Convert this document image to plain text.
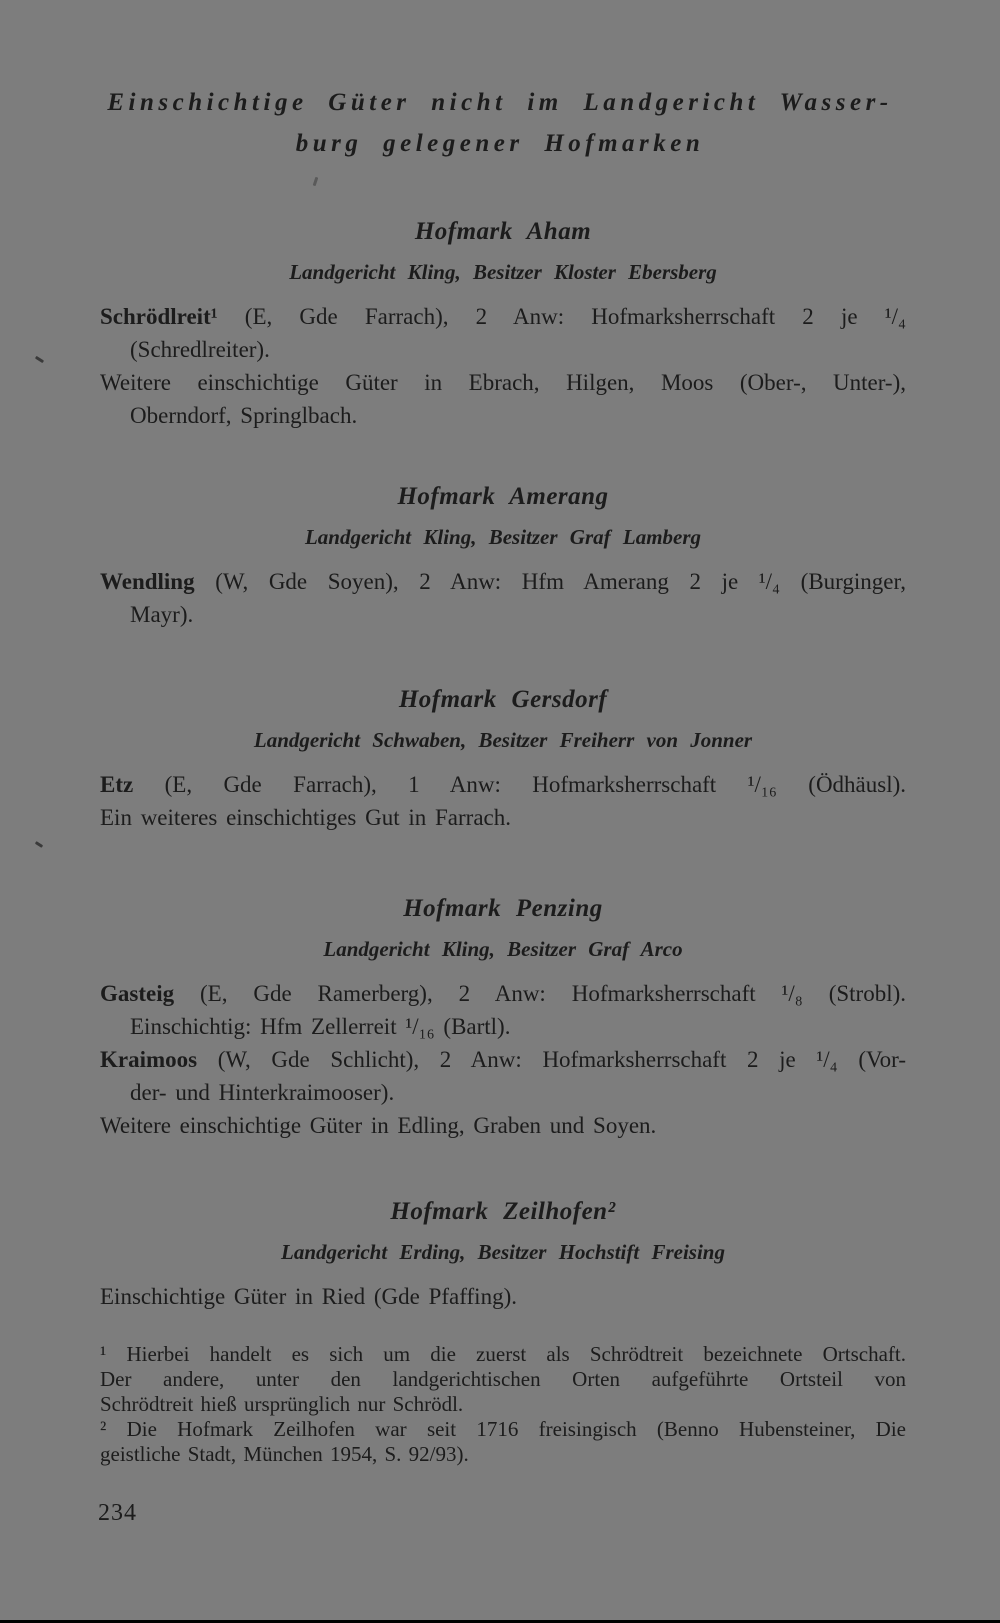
Einschichtige Güter nicht im Landgericht Wasser-
burg gelegener Hofmarken
Hofmark Aham
Landgericht Kling, Besitzer Kloster Ebersberg
Schrödlreit¹ (E, Gde Farrach), 2 Anw: Hofmarksherrschaft 2 je ¹/₄
(Schredlreiter).
Weitere einschichtige Güter in Ebrach, Hilgen, Moos (Ober-, Unter-),
Oberndorf, Springlbach.
Hofmark Amerang
Landgericht Kling, Besitzer Graf Lamberg
Wendling (W, Gde Soyen), 2 Anw: Hfm Amerang 2 je ¹/₄ (Burginger,
Mayr).
Hofmark Gersdorf
Landgericht Schwaben, Besitzer Freiherr von Jonner
Etz (E, Gde Farrach), 1 Anw: Hofmarksherrschaft ¹/₁₆ (Ödhäusl).
Ein weiteres einschichtiges Gut in Farrach.
Hofmark Penzing
Landgericht Kling, Besitzer Graf Arco
Gasteig (E, Gde Ramerberg), 2 Anw: Hofmarksherrschaft ¹/₈ (Strobl).
Einschichtig: Hfm Zellerreit ¹/₁₆ (Bartl).
Kraimoos (W, Gde Schlicht), 2 Anw: Hofmarksherrschaft 2 je ¹/₄ (Vor-
der- und Hinterkraimooser).
Weitere einschichtige Güter in Edling, Graben und Soyen.
Hofmark Zeilhofen²
Landgericht Erding, Besitzer Hochstift Freising
Einschichtige Güter in Ried (Gde Pfaffing).
¹ Hierbei handelt es sich um die zuerst als Schrödtreit bezeichnete Ortschaft.
Der andere, unter den landgerichtischen Orten aufgeführte Ortsteil von
Schrödtreit hieß ursprünglich nur Schrödl.
² Die Hofmark Zeilhofen war seit 1716 freisingisch (Benno Hubensteiner, Die
geistliche Stadt, München 1954, S. 92/93).
234
